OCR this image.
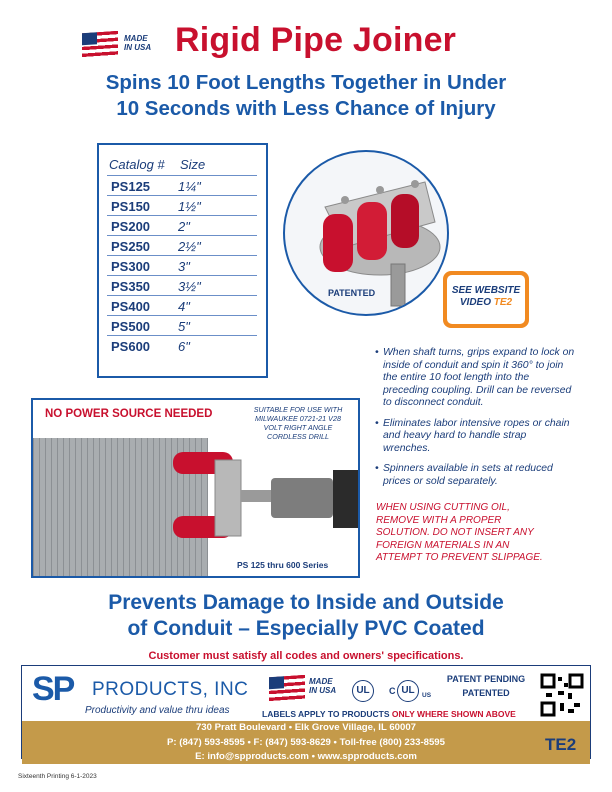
MADE
IN USA Rigid Pipe Joiner
Spins 10 Foot Lengths Together in Under
10 Seconds with Less Chance of Injury
Catalog # Size
PS125 1¼"
PS150 1½"
PS200 2"
PS250 2½"
PS300 3"
PS350 3½"
PS400 4"
PS500 5"
PS600 6"
PATENTED	SEE WEBSITE
VIDEO TE2
• When shaft turns, grips expand to lock on inside of conduit and spin it 360° to join the entire 10 foot length into the preceding coupling. Drill can be reversed to disconnect conduit.
• Eliminates labor intensive ropes or chain and heavy hard to handle strap wrenches.
• Spinners available in sets at reduced prices or sold separately.
WHEN USING CUTTING OIL, REMOVE WITH A PROPER SOLUTION. DO NOT INSERT ANY FOREIGN MATERIALS IN AN ATTEMPT TO PREVENT SLIPPAGE.
NO POWER SOURCE NEEDED	SUITABLE FOR USE WITH MILWAUKEE 0721-21 V28 VOLT RIGHT ANGLE CORDLESS DRILL
PS 125 thru 600 Series
Prevents Damage to Inside and Outside
of Conduit – Especially PVC Coated
Customer must satisfy all codes and owners' specifications.
SP PRODUCTS, INC
Productivity and value thru ideas
MADE
IN USA	UL	C UL	US
PATENT PENDING
PATENTED
LABELS APPLY TO PRODUCTS ONLY WHERE SHOWN ABOVE
730 Pratt Boulevard • Elk Grove Village, IL 60007
P: (847) 593-8595 • F: (847) 593-8629 • Toll-free (800) 233-8595
E: info@spproducts.com • www.spproducts.com
TE2
Sixteenth Printing 6-1-2023
